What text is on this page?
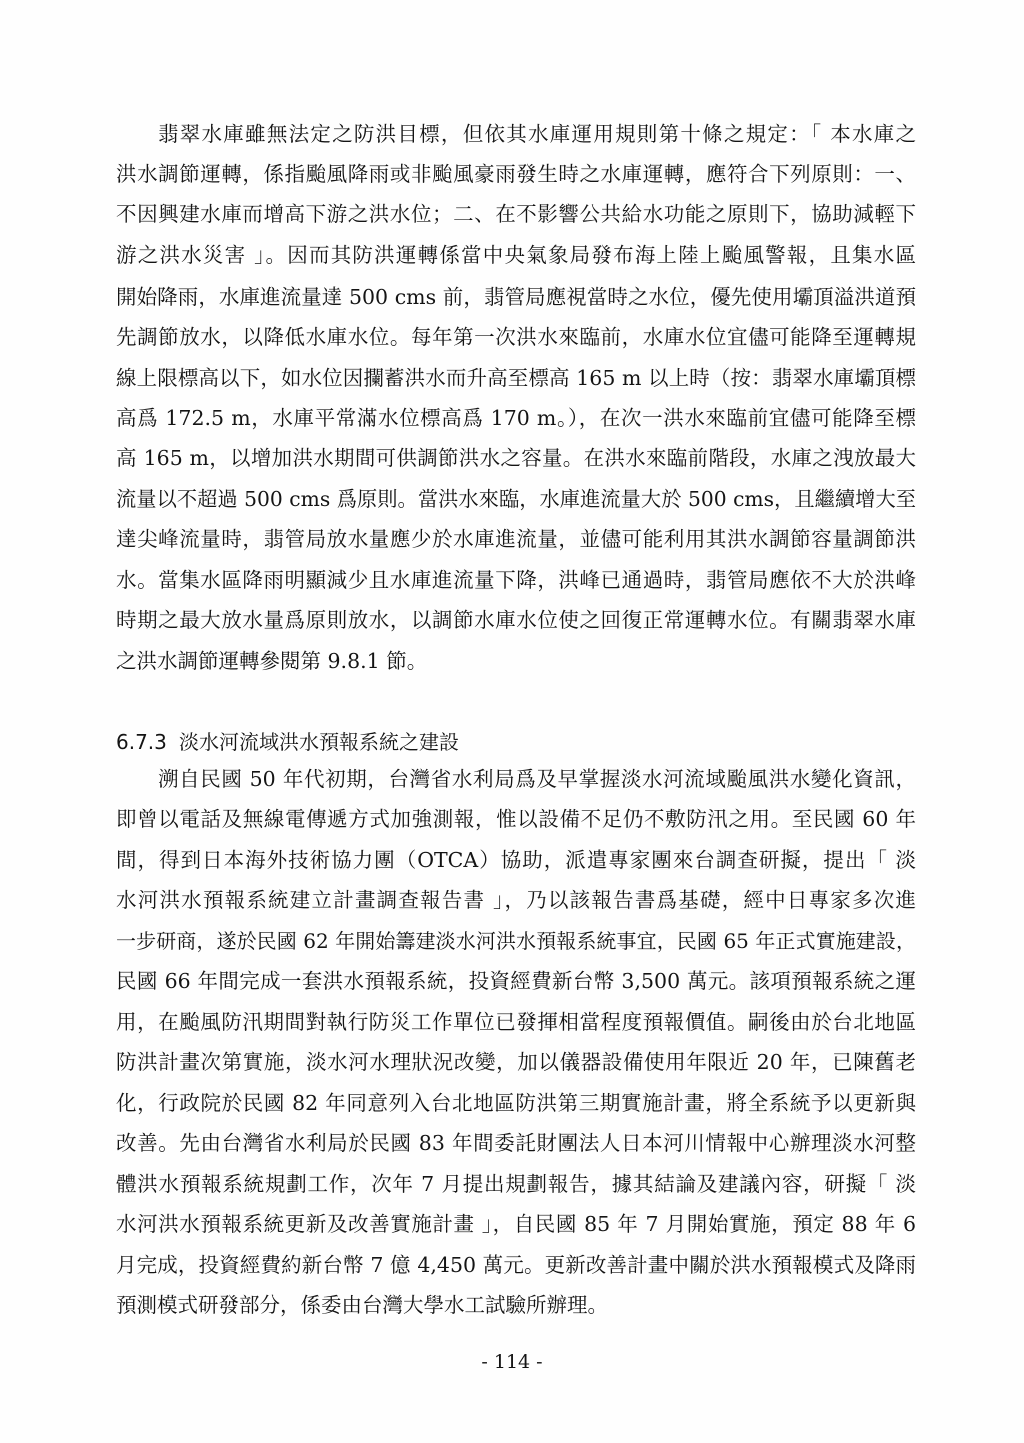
翡翠水庫雖無法定之防洪目標，但依其水庫運用規則第十條之規定：「 本水庫之
洪水調節運轉，係指颱風降雨或非颱風豪雨發生時之水庫運轉，應符合下列原則：一、
不因興建水庫而增高下游之洪水位；二、在不影響公共給水功能之原則下，協助減輕下
游之洪水災害 」。因而其防洪運轉係當中央氣象局發布海上陸上颱風警報，且集水區
開始降雨，水庫進流量達 500 cms 前，翡管局應視當時之水位，優先使用壩頂溢洪道預
先調節放水，以降低水庫水位。每年第一次洪水來臨前，水庫水位宜儘可能降至運轉規
線上限標高以下，如水位因攔蓄洪水而升高至標高 165 m 以上時（按：翡翠水庫壩頂標
高爲 172.5 m，水庫平常滿水位標高爲 170 m。），在次一洪水來臨前宜儘可能降至標
高 165 m，以增加洪水期間可供調節洪水之容量。在洪水來臨前階段，水庫之洩放最大
流量以不超過 500 cms 爲原則。當洪水來臨，水庫進流量大於 500 cms，且繼續增大至
達尖峰流量時，翡管局放水量應少於水庫進流量，並儘可能利用其洪水調節容量調節洪
水。當集水區降雨明顯減少且水庫進流量下降，洪峰已通過時，翡管局應依不大於洪峰
時期之最大放水量爲原則放水，以調節水庫水位使之回復正常運轉水位。有關翡翠水庫
之洪水調節運轉參閱第 9.8.1 節。
6.7.3 淡水河流域洪水預報系統之建設
溯自民國 50 年代初期，台灣省水利局爲及早掌握淡水河流域颱風洪水變化資訊，
即曾以電話及無線電傳遞方式加強測報，惟以設備不足仍不敷防汛之用。至民國 60 年
間，得到日本海外技術協力團（OTCA）協助，派遣專家團來台調查研擬，提出「 淡
水河洪水預報系統建立計畫調查報告書 」，乃以該報告書爲基礎，經中日專家多次進
一步研商，遂於民國 62 年開始籌建淡水河洪水預報系統事宜，民國 65 年正式實施建設，
民國 66 年間完成一套洪水預報系統，投資經費新台幣 3,500 萬元。該項預報系統之運
用，在颱風防汛期間對執行防災工作單位已發揮相當程度預報價值。嗣後由於台北地區
防洪計畫次第實施，淡水河水理狀況改變，加以儀器設備使用年限近 20 年，已陳舊老
化，行政院於民國 82 年同意列入台北地區防洪第三期實施計畫，將全系統予以更新與
改善。先由台灣省水利局於民國 83 年間委託財團法人日本河川情報中心辦理淡水河整
體洪水預報系統規劃工作，次年 7 月提出規劃報告，據其結論及建議內容，研擬「 淡
水河洪水預報系統更新及改善實施計畫 」，自民國 85 年 7 月開始實施，預定 88 年 6
月完成，投資經費約新台幣 7 億 4,450 萬元。更新改善計畫中關於洪水預報模式及降雨
預測模式研發部分，係委由台灣大學水工試驗所辦理。
- 114 -
